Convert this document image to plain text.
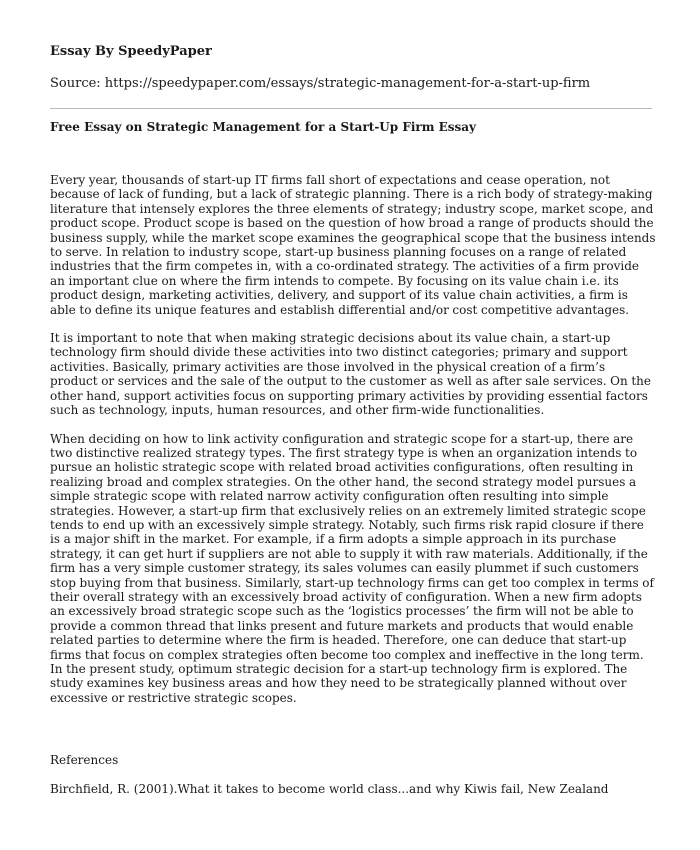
Essay By SpeedyPaper
Source: https://speedypaper.com/essays/strategic-management-for-a-start-up-firm
Free Essay on Strategic Management for a Start-Up Firm Essay

Every year, thousands of start-up IT firms fall short of expectations and cease operation, not because of lack of funding, but a lack of strategic planning. There is a rich body of strategy-making literature that intensely explores the three elements of strategy; industry scope, market scope, and product scope. Product scope is based on the question of how broad a range of products should the business supply, while the market scope examines the geographical scope that the business intends to serve. In relation to industry scope, start-up business planning focuses on a range of related industries that the firm competes in, with a co-ordinated strategy. The activities of a firm provide an important clue on where the firm intends to compete. By focusing on its value chain i.e. its product design, marketing activities, delivery, and support of its value chain activities, a firm is able to define its unique features and establish differential and/or cost competitive advantages.

It is important to note that when making strategic decisions about its value chain, a start-up technology firm should divide these activities into two distinct categories; primary and support activities. Basically, primary activities are those involved in the physical creation of a firm’s product or services and the sale of the output to the customer as well as after sale services. On the other hand, support activities focus on supporting primary activities by providing essential factors such as technology, inputs, human resources, and other firm-wide functionalities.

When deciding on how to link activity configuration and strategic scope for a start-up, there are two distinctive realized strategy types. The first strategy type is when an organization intends to pursue an holistic strategic scope with related broad activities configurations, often resulting in realizing broad and complex strategies. On the other hand, the second strategy model pursues a simple strategic scope with related narrow activity configuration often resulting into simple strategies. However, a start-up firm that exclusively relies on an extremely limited strategic scope tends to end up with an excessively simple strategy. Notably, such firms risk rapid closure if there is a major shift in the market. For example, if a firm adopts a simple approach in its purchase strategy, it can get hurt if suppliers are not able to supply it with raw materials. Additionally, if the firm has a very simple customer strategy, its sales volumes can easily plummet if such customers stop buying from that business. Similarly, start-up technology firms can get too complex in terms of their overall strategy with an excessively broad activity of configuration. When a new firm adopts an excessively broad strategic scope such as the ‘logistics processes’ the firm will not be able to provide a common thread that links present and future markets and products that would enable related parties to determine where the firm is headed. Therefore, one can deduce that start-up firms that focus on complex strategies often become too complex and ineffective in the long term. In the present study, optimum strategic decision for a start-up technology firm is explored. The study examines key business areas and how they need to be strategically planned without over excessive or restrictive strategic scopes.

References
Birchfield, R. (2001).What it takes to become world class...and why Kiwis fail, New Zealand
